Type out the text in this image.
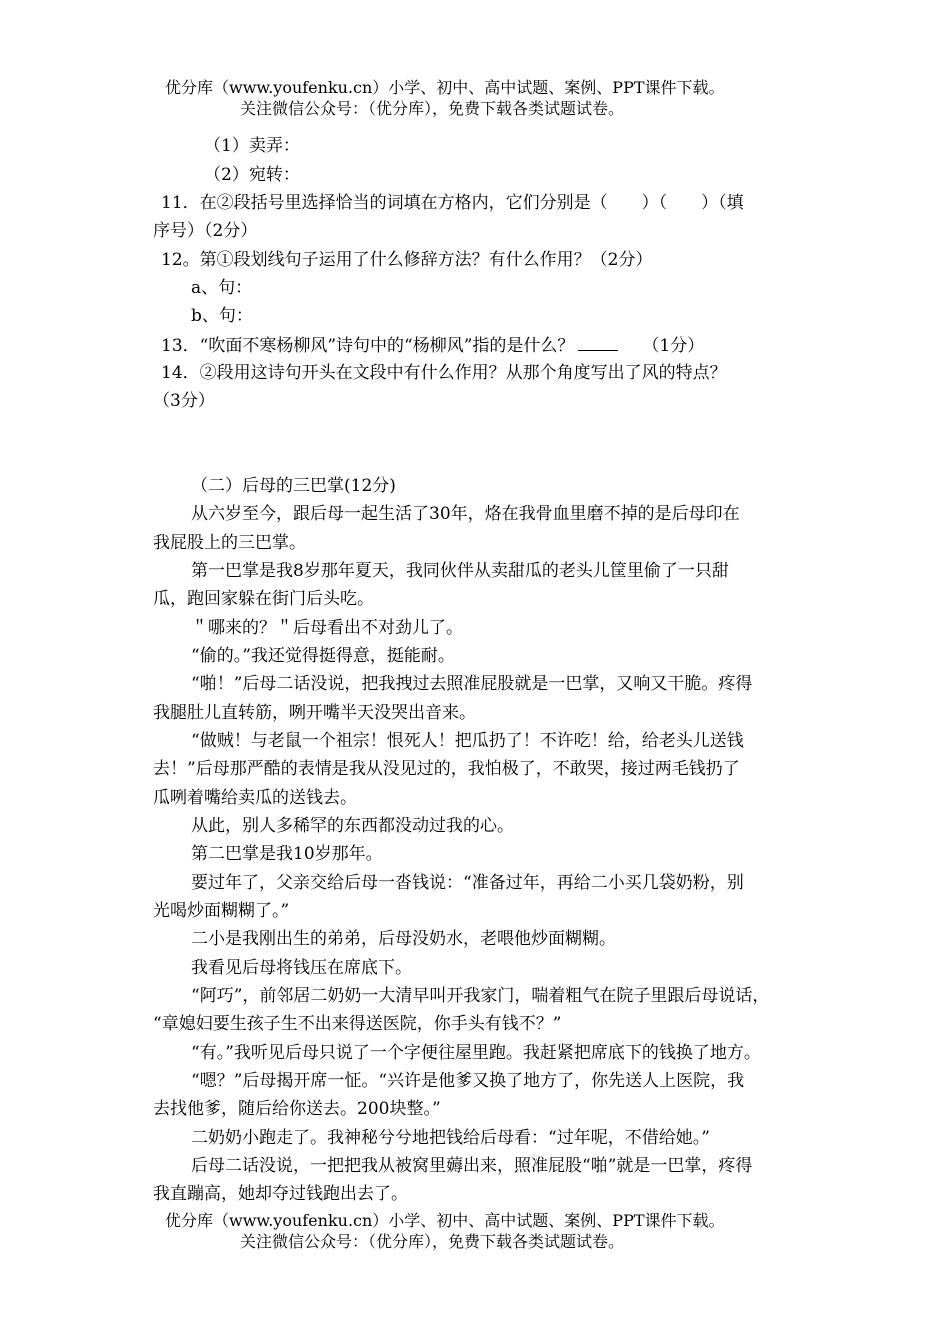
优分库（www.youfenku.cn）小学、初中、高中试题、案例、PPT课件下载。
关注微信公众号：（优分库），免费下载各类试题试卷。
（1）卖弄：
（2）宛转：
11．在②段括号里选择恰当的词填在方格内，它们分别是（　　）（　　）（填
序号）（2分）
12。第①段划线句子运用了什么修辞方法？有什么作用？（2分）
a、句：
b、句：
13．“吹面不寒杨柳风”诗句中的“杨柳风”指的是什么？	（1分）
14．②段用这诗句开头在文段中有什么作用？从那个角度写出了风的特点？
（3分）
（二）后母的三巴掌(12分)
从六岁至今，跟后母一起生活了30年，烙在我骨血里磨不掉的是后母印在
我屁股上的三巴掌。
第一巴掌是我8岁那年夏天，我同伙伴从卖甜瓜的老头儿筐里偷了一只甜
瓜，跑回家躲在街门后头吃。
＂哪来的？＂后母看出不对劲儿了。
“偷的。”我还觉得挺得意，挺能耐。
“啪！”后母二话没说，把我拽过去照准屁股就是一巴掌，又响又干脆。疼得
我腿肚儿直转筋，咧开嘴半天没哭出音来。
“做贼！与老鼠一个祖宗！恨死人！把瓜扔了！不许吃！给，给老头儿送钱
去！”后母那严酷的表情是我从没见过的，我怕极了，不敢哭，接过两毛钱扔了
瓜咧着嘴给卖瓜的送钱去。
从此，别人多稀罕的东西都没动过我的心。
第二巴掌是我10岁那年。
要过年了，父亲交给后母一沓钱说：“准备过年，再给二小买几袋奶粉，别
光喝炒面糊糊了。”
二小是我刚出生的弟弟，后母没奶水，老喂他炒面糊糊。
我看见后母将钱压在席底下。
“阿巧”，前邻居二奶奶一大清早叫开我家门，喘着粗气在院子里跟后母说话，
“章媳妇要生孩子生不出来得送医院，你手头有钱不？”
“有。”我听见后母只说了一个字便往屋里跑。我赶紧把席底下的钱换了地方。
“嗯？”后母揭开席一怔。“兴许是他爹又换了地方了，你先送人上医院，我
去找他爹，随后给你送去。200块整。”
二奶奶小跑走了。我神秘兮兮地把钱给后母看：“过年呢，不借给她。”
后母二话没说，一把把我从被窝里薅出来，照准屁股“啪”就是一巴掌，疼得
我直蹦高，她却夺过钱跑出去了。
优分库（www.youfenku.cn）小学、初中、高中试题、案例、PPT课件下载。
关注微信公众号：（优分库），免费下载各类试题试卷。
